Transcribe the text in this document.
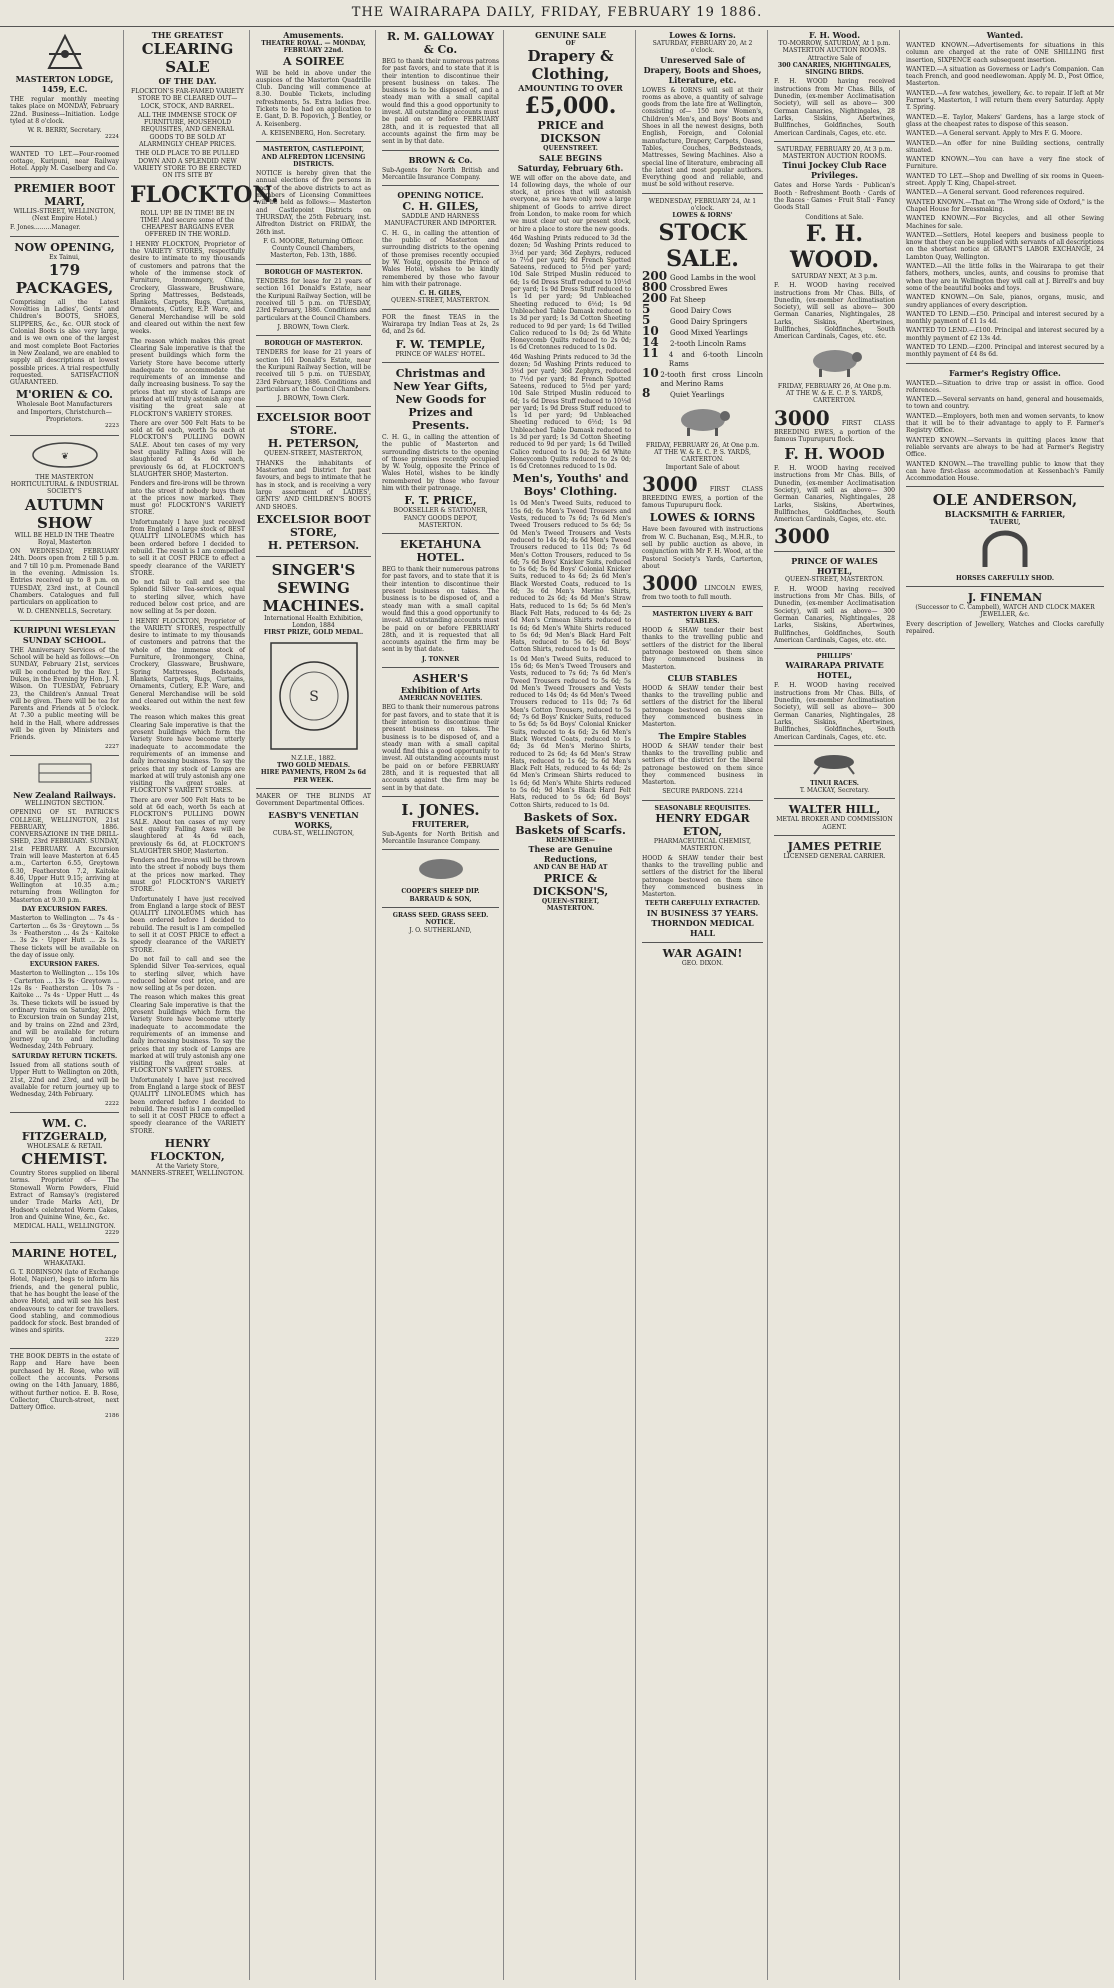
THE WAIRARAPA DAILY, FRIDAY, FEBRUARY 19 1886.
MASTERTON LODGE, 1459, E.C.
THE regular monthly meeting takes place on MONDAY, February 22nd. Business—Initiation. Lodge tyled at 8 o'clock.
W. R. BERRY, Secretary.
2224
WANTED TO LET.—Four-roomed cottage, Kuripuni, near Railway Hotel. Apply M. Caselberg and Co.
PREMIER BOOT MART,
WILLIS-STREET, WELLINGTON, (Next Empire Hotel.)
F. Jones.........Manager.
NOW OPENING,
Ex Tainui,
179 PACKAGES,
Comprising all the Latest Novelties in Ladies', Gents' and Children's BOOTS, SHOES, SLIPPERS, &c., &c. OUR stock of Colonial Boots is also very large, and is we own one of the largest and most complete Boot Factories in New Zealand, we are enabled to supply all descriptions at lowest possible prices. A trial respectfully requested. SATISFACTION GUARANTEED.
M'ORIEN & CO.
Wholesale Boot Manufacturers and Importers, Christchurch—Proprietors.
2223
❦
THE MASTERTON HORTICULTURAL & INDUSTRIAL SOCIETY'S
AUTUMN SHOW
WILL BE HELD IN THE Theatre Royal, Masterton
ON WEDNESDAY, FEBRUARY 24th. Doors open from 2 till 5 p.m. and 7 till 10 p.m. Promenade Band in the evening. Admission 1s. Entries received up to 8 p.m. on TUESDAY, 23rd inst., at Council Chambers. Catalogues and full particulars on application to
W. D. CHENNELLS, Secretary.
KURIPUNI WESLEYAN SUNDAY SCHOOL.
THE Anniversary Services of the School will be held as follows:—On SUNDAY, February 21st, services will be conducted by the Rev. J. Dukes, in the Evening by Hon. J. N. Wilson. On TUESDAY, February 23, the Children's Annual Treat will be given. There will be tea for Parents and Friends at 5 o'clock. At 7.30 a public meeting will be held in the Hall, where addresses will be given by Ministers and Friends.
2227
New Zealand Railways.
WELLINGTON SECTION.
OPENING OF ST. PATRICK'S COLLEGE, WELLINGTON, 21st FEBRUARY, 1886. CONVERSAZIONE IN THE DRILL-SHED, 23rd FEBRUARY. SUNDAY, 21st FEBRUARY. A Excursion Train will leave Masterton at 6.45 a.m., Carterton 6.55, Greytown 6.30, Featherston 7.2, Kaitoke 8.46, Upper Hutt 9.15; arriving at Wellington at 10.35 a.m.; returning from Wellington for Masterton at 9.30 p.m.
DAY EXCURSION FARES.
Masterton to Wellington ... 7s 4s · Carterton ... 6s 3s · Greytown ... 5s 3s · Featherston ... 4s 2s · Kaitoke ... 3s 2s · Upper Hutt ... 2s 1s. These tickets will be available on the day of issue only.
EXCURSION FARES.
Masterton to Wellington ... 15s 10s · Carterton ... 13s 9s · Greytown ... 12s 8s · Featherston ... 10s 7s · Kaitoke ... 7s 4s · Upper Hutt ... 4s 3s. These tickets will be issued by ordinary trains on Saturday, 20th, to Excursion train on Sunday 21st, and by trains on 22nd and 23rd, and will be available for return journey up to and including Wednesday, 24th February.
SATURDAY RETURN TICKETS.
Issued from all stations south of Upper Hutt to Wellington on 20th, 21st, 22nd and 23rd, and will be available for return journey up to Wednesday, 24th February.
2222
WM. C. FITZGERALD,
WHOLESALE & RETAIL
CHEMIST.
Country Stores supplied on liberal terms. Proprietor of— The Stonewall Worm Powders, Fluid Extract of Ramsay's (registered under Trade Marks Act), Dr Hudson's celebrated Worm Cakes, Iron and Quinine Wine, &c., &c.
MEDICAL HALL, WELLINGTON.
2229
MARINE HOTEL,
WHAKATAKI.
G. T. ROBINSON (late of Exchange Hotel, Napier), begs to inform his friends, and the general public, that he has bought the lease of the above Hotel, and will see his best endeavours to cater for travellers. Good stabling, and commodious paddock for stock. Best branded of wines and spirits.
2229
THE BOOK DEBTS in the estate of Rapp and Hare have been purchased by H. Rose, who will collect the accounts. Persons owing on the 14th January, 1886, without further notice. E. B. Rose, Collector, Church-street, next Dattery Office.
2186
THE GREATEST
CLEARING SALE
OF THE DAY.
FLOCKTON'S FAR-FAMED VARIETY STORE TO BE CLEARED OUT—LOCK, STOCK, AND BARREL.
ALL THE IMMENSE STOCK OF FURNITURE, HOUSEHOLD REQUISITES, AND GENERAL GOODS TO BE SOLD AT ALARMINGLY CHEAP PRICES.
THE OLD PLACE TO BE PULLED DOWN AND A SPLENDID NEW VARIETY STORE TO BE ERECTED ON ITS SITE BY
FLOCKTON.
ROLL UP! BE IN TIME! BE IN TIME! And secure some of the CHEAPEST BARGAINS EVER OFFERED IN THE WORLD.
I HENRY FLOCKTON, Proprietor of the VARIETY STORES, respectfully desire to intimate to my thousands of customers and patrons that the whole of the immense stock of Furniture, Ironmongery, China, Crockery, Glassware, Brushware, Spring Mattresses, Bedsteads, Blankets, Carpets, Rugs, Curtains, Ornaments, Cutlery, E.P. Ware, and General Merchandise will be sold and cleared out within the next few weeks.
The reason which makes this great Clearing Sale imperative is that the present buildings which form the Variety Store have become utterly inadequate to accommodate the requirements of an immense and daily increasing business. To say the prices that my stock of Lamps are marked at will truly astonish any one visiting the great sale at FLOCKTON'S VARIETY STORES.
There are over 500 Felt Hats to be sold at 6d each, worth 5s each at FLOCKTON'S PULLING DOWN SALE. About ten cases of my very best quality Falling Axes will be slaughtered at 4s 6d each, previously 6s 6d, at FLOCKTON'S SLAUGHTER SHOP, Masterton.
Fenders and fire-irons will be thrown into the street if nobody buys them at the prices now marked. They must go! FLOCKTON'S VARIETY STORE.
Unfortunately I have just received from England a large stock of BEST QUALITY LINOLEUMS which has been ordered before I decided to rebuild. The result is I am compelled to sell it at COST PRICE to effect a speedy clearance of the VARIETY STORE.
Do not fail to call and see the Splendid Silver Tea-services, equal to sterling silver, which have reduced below cost price, and are now selling at 5s per dozen.
I HENRY FLOCKTON, Proprietor of the VARIETY STORES, respectfully desire to intimate to my thousands of customers and patrons that the whole of the immense stock of Furniture, Ironmongery, China, Crockery, Glassware, Brushware, Spring Mattresses, Bedsteads, Blankets, Carpets, Rugs, Curtains, Ornaments, Cutlery, E.P. Ware, and General Merchandise will be sold and cleared out within the next few weeks.
The reason which makes this great Clearing Sale imperative is that the present buildings which form the Variety Store have become utterly inadequate to accommodate the requirements of an immense and daily increasing business. To say the prices that my stock of Lamps are marked at will truly astonish any one visiting the great sale at FLOCKTON'S VARIETY STORES.
There are over 500 Felt Hats to be sold at 6d each, worth 5s each at FLOCKTON'S PULLING DOWN SALE. About ten cases of my very best quality Falling Axes will be slaughtered at 4s 6d each, previously 6s 6d, at FLOCKTON'S SLAUGHTER SHOP, Masterton.
Fenders and fire-irons will be thrown into the street if nobody buys them at the prices now marked. They must go! FLOCKTON'S VARIETY STORE.
Unfortunately I have just received from England a large stock of BEST QUALITY LINOLEUMS which has been ordered before I decided to rebuild. The result is I am compelled to sell it at COST PRICE to effect a speedy clearance of the VARIETY STORE.
Do not fail to call and see the Splendid Silver Tea-services, equal to sterling silver, which have reduced below cost price, and are now selling at 5s per dozen.
The reason which makes this great Clearing Sale imperative is that the present buildings which form the Variety Store have become utterly inadequate to accommodate the requirements of an immense and daily increasing business. To say the prices that my stock of Lamps are marked at will truly astonish any one visiting the great sale at FLOCKTON'S VARIETY STORES.
Unfortunately I have just received from England a large stock of BEST QUALITY LINOLEUMS which has been ordered before I decided to rebuild. The result is I am compelled to sell it at COST PRICE to effect a speedy clearance of the VARIETY STORE.
HENRY FLOCKTON,
At the Variety Store,
MANNERS-STREET, WELLINGTON.
Amusements.
THEATRE ROYAL. — MONDAY, FEBRUARY 22nd.
A SOIREE
Will be held in above under the auspices of the Masterton Quadrille Club. Dancing will commence at 8.30. Double Tickets, including refreshments, 5s. Extra ladies free. Tickets to be had on application to E. Gant, D. B. Popovich, J. Bentley, or A. Keisenberg.
A. KEISENBERG, Hon. Secretary.
MASTERTON, CASTLEPOINT, AND ALFREDTON LICENSING DISTRICTS.
NOTICE is hereby given that the annual elections of five persons in each of the above districts to act as members of Licensing Committees will be held as follows:— Masterton and Castlepoint Districts on THURSDAY, the 25th February, inst. Alfredton District on FRIDAY, the 26th inst.
F. G. MOORE, Returning Officer.
County Council Chambers, Masterton, Feb. 13th, 1886.
BOROUGH OF MASTERTON.
TENDERS for lease for 21 years of section 161 Donald's Estate, near the Kuripuni Railway Section, will be received till 5 p.m. on TUESDAY, 23rd February, 1886. Conditions and particulars at the Council Chambers.
J. BROWN, Town Clerk.
BOROUGH OF MASTERTON.
TENDERS for lease for 21 years of section 161 Donald's Estate, near the Kuripuni Railway Section, will be received till 5 p.m. on TUESDAY, 23rd February, 1886. Conditions and particulars at the Council Chambers.
J. BROWN, Town Clerk.
EXCELSIOR BOOT STORE.
H. PETERSON,
QUEEN-STREET, MASTERTON,
THANKS the inhabitants of Masterton and District for past favours, and begs to intimate that he has in stock, and is receiving a very large assortment of LADIES', GENTS' AND CHILDREN'S BOOTS AND SHOES.
EXCELSIOR BOOT STORE,
H. PETERSON.
SINGER'S
SEWING
MACHINES.
International Health Exhibition, London, 1884
FIRST PRIZE, GOLD MEDAL.
S
N.Z.I.E., 1882.
TWO GOLD MEDALS.
HIRE PAYMENTS, FROM 2s 6d PER WEEK.
MAKER OF THE BLINDS AT Government Departmental Offices.
EASBY'S VENETIAN WORKS,
CUBA-ST., WELLINGTON,
R. M. GALLOWAY & Co.
BEG to thank their numerous patrons for past favors, and to state that it is their intention to discontinue their present business on takes. The business is to be disposed of, and a steady man with a small capital would find this a good opportunity to invest. All outstanding accounts must be paid on or before FEBRUARY 28th, and it is requested that all accounts against the firm may be sent in by that date.
BROWN & Co.
Sub-Agents for North British and Mercantile Insurance Company.
OPENING NOTICE.
C. H. GILES,
SADDLE AND HARNESS MANUFACTURER AND IMPORTER.
C. H. G., in calling the attention of the public of Masterton and surrounding districts to the opening of those premises recently occupied by W. Youlg, opposite the Prince of Wales Hotel, wishes to be kindly remembered by those who favour him with their patronage.
C. H. GILES,
QUEEN-STREET, MASTERTON.
FOR the finest TEAS in the Wairarapa try Indian Teas at 2s, 2s 6d, and 2s 6d.
F. W. TEMPLE,
PRINCE OF WALES' HOTEL.
Christmas and New Year Gifts,
New Goods for Prizes and Presents.
C. H. G., in calling the attention of the public of Masterton and surrounding districts to the opening of those premises recently occupied by W. Youlg, opposite the Prince of Wales Hotel, wishes to be kindly remembered by those who favour him with their patronage.
F. T. PRICE,
BOOKSELLER & STATIONER, FANCY GOODS DEPOT, MASTERTON.
EKETAHUNA HOTEL.
BEG to thank their numerous patrons for past favors, and to state that it is their intention to discontinue their present business on takes. The business is to be disposed of, and a steady man with a small capital would find this a good opportunity to invest. All outstanding accounts must be paid on or before FEBRUARY 28th, and it is requested that all accounts against the firm may be sent in by that date.
J. TONNER
ASHER'S
Exhibition of Arts
AMERICAN NOVELTIES.
BEG to thank their numerous patrons for past favors, and to state that it is their intention to discontinue their present business on takes. The business is to be disposed of, and a steady man with a small capital would find this a good opportunity to invest. All outstanding accounts must be paid on or before FEBRUARY 28th, and it is requested that all accounts against the firm may be sent in by that date.
I. JONES.
FRUITERER,
Sub-Agents for North British and Mercantile Insurance Company.
COOPER'S SHEEP DIP.
BARRAUD & SON,
GRASS SEED. GRASS SEED.
NOTICE.
J. O. SUTHERLAND,
GENUINE SALE
OF
Drapery & Clothing,
AMOUNTING TO OVER
£5,000.
PRICE and DICKSON
QUEENSTREET.
SALE BEGINS
Saturday, February 6th.
WE will offer on the above date, and 14 following days, the whole of our stock, at prices that will astonish everyone, as we have only now a large shipment of Goods to arrive direct from London, to make room for which we must clear out our present stock, or hire a place to store the new goods.
46d Washing Prints reduced to 3d the dozen; 5d Washing Prints reduced to 3½d per yard; 36d Zephyrs, reduced to 7½d per yard; 8d French Spotted Sateens, reduced to 5½d per yard; 10d Sale Striped Muslin reduced to 6d; 1s 6d Dress Stuff reduced to 10½d per yard; 1s 9d Dress Stuff reduced to 1s 1d per yard; 9d Unbleached Sheeting reduced to 6½d; 1s 9d Unbleached Table Damask reduced to 1s 3d per yard; 1s 3d Cotton Sheeting reduced to 9d per yard; 1s 6d Twilled Calico reduced to 1s 0d; 2s 6d White Honeycomb Quilts reduced to 2s 0d; 1s 6d Cretonnes reduced to 1s 0d.
46d Washing Prints reduced to 3d the dozen; 5d Washing Prints reduced to 3½d per yard; 36d Zephyrs, reduced to 7½d per yard; 8d French Spotted Sateens, reduced to 5½d per yard; 10d Sale Striped Muslin reduced to 6d; 1s 6d Dress Stuff reduced to 10½d per yard; 1s 9d Dress Stuff reduced to 1s 1d per yard; 9d Unbleached Sheeting reduced to 6½d; 1s 9d Unbleached Table Damask reduced to 1s 3d per yard; 1s 3d Cotton Sheeting reduced to 9d per yard; 1s 6d Twilled Calico reduced to 1s 0d; 2s 6d White Honeycomb Quilts reduced to 2s 0d; 1s 6d Cretonnes reduced to 1s 0d.
Men's, Youths' and Boys' Clothing.
1s 0d Men's Tweed Suits, reduced to 15s 6d; 6s Men's Tweed Trousers and Vests, reduced to 7s 6d; 7s 6d Men's Tweed Trousers reduced to 5s 6d; 5s 0d Men's Tweed Trousers and Vests reduced to 14s 0d; 4s 6d Men's Tweed Trousers reduced to 11s 0d; 7s 6d Men's Cotton Trousers, reduced to 5s 6d; 7s 6d Boys' Knicker Suits, reduced to 5s 6d; 5s 6d Boys' Colonial Knicker Suits, reduced to 4s 6d; 2s 6d Men's Black Worsted Coats, reduced to 1s 6d; 3s 6d Men's Merino Shirts, reduced to 2s 6d; 4s 6d Men's Straw Hats, reduced to 1s 6d; 5s 6d Men's Black Felt Hats, reduced to 4s 6d; 2s 6d Men's Crimean Shirts reduced to 1s 6d; 6d Men's White Shirts reduced to 5s 6d; 9d Men's Black Hard Felt Hats, reduced to 5s 6d; 6d Boys' Cotton Shirts, reduced to 1s 0d.
1s 0d Men's Tweed Suits, reduced to 15s 6d; 6s Men's Tweed Trousers and Vests, reduced to 7s 6d; 7s 6d Men's Tweed Trousers reduced to 5s 6d; 5s 0d Men's Tweed Trousers and Vests reduced to 14s 0d; 4s 6d Men's Tweed Trousers reduced to 11s 0d; 7s 6d Men's Cotton Trousers, reduced to 5s 6d; 7s 6d Boys' Knicker Suits, reduced to 5s 6d; 5s 6d Boys' Colonial Knicker Suits, reduced to 4s 6d; 2s 6d Men's Black Worsted Coats, reduced to 1s 6d; 3s 6d Men's Merino Shirts, reduced to 2s 6d; 4s 6d Men's Straw Hats, reduced to 1s 6d; 5s 6d Men's Black Felt Hats, reduced to 4s 6d; 2s 6d Men's Crimean Shirts reduced to 1s 6d; 6d Men's White Shirts reduced to 5s 6d; 9d Men's Black Hard Felt Hats, reduced to 5s 6d; 6d Boys' Cotton Shirts, reduced to 1s 0d.
Baskets of Sox.
Baskets of Scarfs.
REMEMBER—
These are Genuine Reductions,
AND CAN BE HAD AT
PRICE & DICKSON'S,
QUEEN-STREET,
MASTERTON.
Lowes & Iorns.
SATURDAY, FEBRUARY 20, At 2 o'clock.
Unreserved Sale of Drapery, Boots and Shoes, Literature, etc.
LOWES & IORNS will sell at their rooms as above, a quantity of salvage goods from the late fire at Wellington, consisting of— 150 new Women's, Children's Men's, and Boys' Boots and Shoes in all the newest designs, both English, Foreign, and Colonial manufacture, Drapery, Carpets, Oases, Tables, Couches, Bedsteads, Mattresses, Sewing Machines. Also a special line of literature, embracing all the latest and most popular authors. Everything good and reliable, and must be sold without reserve.
WEDNESDAY, FEBRUARY 24, At 1 o'clock.
LOWES & IORNS'
STOCK SALE.
200 Good Lambs in the wool
800 Crossbred Ewes
200 Fat Sheep
5	Good Dairy Cows
5	Good Dairy Springers
10	Good Mixed Yearlings
14	2-tooth Lincoln Rams
11	4 and 6-tooth Lincoln Rams
10 2-tooth first cross Lincoln and Merino Rams
8	Quiet Yearlings
FRIDAY, FEBRUARY 26, At One p.m.
AT THE W. & E. C. P. S. YARDS, CARTERTON.
Important Sale of about
3000 FIRST CLASS BREEDING EWES, a portion of the famous Tupurupuru flock.
LOWES & IORNS
Have been favoured with instructions from W. C. Buchanan, Esq., M.H.R., to sell by public auction as above, in conjunction with Mr F. H. Wood, at the Pastoral Society's Yards, Carterton, about
3000 LINCOLN EWES, from two tooth to full mouth.
MASTERTON LIVERY & BAIT STABLES.
HOOD & SHAW tender their best thanks to the travelling public and settlers of the district for the liberal patronage bestowed on them since they commenced business in Masterton.
CLUB STABLES
HOOD & SHAW tender their best thanks to the travelling public and settlers of the district for the liberal patronage bestowed on them since they commenced business in Masterton.
The Empire Stables
HOOD & SHAW tender their best thanks to the travelling public and settlers of the district for the liberal patronage bestowed on them since they commenced business in Masterton.
SECURE PARDONS. 2214
SEASONABLE REQUISITES.
HENRY EDGAR ETON,
PHARMACEUTICAL CHEMIST, MASTERTON.
HOOD & SHAW tender their best thanks to the travelling public and settlers of the district for the liberal patronage bestowed on them since they commenced business in Masterton.
TEETH CAREFULLY EXTRACTED.
IN BUSINESS 37 YEARS.
THORNDON MEDICAL HALL
WAR AGAIN!
GEO. DIXON.
F. H. Wood.
TO-MORROW, SATURDAY, At 1 p.m.
MASTERTON AUCTION ROOMS.
Attractive Sale of
300 CANARIES, NIGHTINGALES, SINGING BIRDS.
F. H. WOOD having received instructions from Mr Chas. Bills, of Dunedin, (ex-member Acclimatisation Society), will sell as above— 300 German Canaries, Nightingales, 28 Larks, Siskins, Abertwines, Bullfinches, Goldfinches, South American Cardinals, Cages, etc. etc.
SATURDAY, FEBRUARY 20, At 3 p.m.
MASTERTON AUCTION ROOMS.
Tinui Jockey Club Race Privileges.
Gates and Horse Yards · Publican's Booth · Refreshment Booth · Cards of the Races · Games · Fruit Stall · Fancy Goods Stall
Conditions at Sale.
F. H. WOOD.
SATURDAY NEXT, At 3 p.m.
F. H. WOOD having received instructions from Mr Chas. Bills, of Dunedin, (ex-member Acclimatisation Society), will sell as above— 300 German Canaries, Nightingales, 28 Larks, Siskins, Abertwines, Bullfinches, Goldfinches, South American Cardinals, Cages, etc. etc.
FRIDAY, FEBRUARY 26, At One p.m.
AT THE W. & E. C. P. S. YARDS, CARTERTON.
3000 FIRST CLASS BREEDING EWES, a portion of the famous Tupurupuru flock.
F. H. WOOD
F. H. WOOD having received instructions from Mr Chas. Bills, of Dunedin, (ex-member Acclimatisation Society), will sell as above— 300 German Canaries, Nightingales, 28 Larks, Siskins, Abertwines, Bullfinches, Goldfinches, South American Cardinals, Cages, etc. etc.
3000
PRINCE OF WALES HOTEL,
QUEEN-STREET, MASTERTON.
F. H. WOOD having received instructions from Mr Chas. Bills, of Dunedin, (ex-member Acclimatisation Society), will sell as above— 300 German Canaries, Nightingales, 28 Larks, Siskins, Abertwines, Bullfinches, Goldfinches, South American Cardinals, Cages, etc. etc.
PHILLIPS'
WAIRARAPA PRIVATE HOTEL,
F. H. WOOD having received instructions from Mr Chas. Bills, of Dunedin, (ex-member Acclimatisation Society), will sell as above— 300 German Canaries, Nightingales, 28 Larks, Siskins, Abertwines, Bullfinches, Goldfinches, South American Cardinals, Cages, etc. etc.
TINUI RACES.
T. MACKAY, Secretary.
WALTER HILL,
METAL BROKER AND COMMISSION AGENT.
JAMES PETRIE
LICENSED GENERAL CARRIER.
Wanted.
WANTED KNOWN.—Advertisements for situations in this column are charged at the rate of ONE SHILLING first insertion, SIXPENCE each subsequent insertion.
WANTED.—A situation as Governess or Lady's Companion. Can teach French, and good needlewoman. Apply M. D., Post Office, Masterton.
WANTED.—A few watches, jewellery, &c. to repair. If left at Mr Farmer's, Masterton, I will return them every Saturday. Apply T. Spring.
WANTED.—E. Taylor, Makers' Gardens, has a large stock of glass at the cheapest rates to dispose of this season.
WANTED.—A General servant. Apply to Mrs F. G. Moore.
WANTED.—An offer for nine Building sections, centrally situated.
WANTED KNOWN.—You can have a very fine stock of Furniture.
WANTED TO LET.—Shop and Dwelling of six rooms in Queen-street. Apply T. King, Chapel-street.
WANTED.—A General servant. Good references required.
WANTED KNOWN.—That on "The Wrong side of Oxford," is the Chapel House for Dressmaking.
WANTED KNOWN.—For Bicycles, and all other Sewing Machines for sale.
WANTED.—Settlers, Hotel keepers and business people to know that they can be supplied with servants of all descriptions on the shortest notice at GRANT'S LABOR EXCHANGE, 24 Lambton Quay, Wellington.
WANTED.—All the little folks in the Wairarapa to get their fathers, mothers, uncles, aunts, and cousins to promise that when they are in Wellington they will call at J. Birrell's and buy some of the beautiful books and toys.
WANTED KNOWN.—On Sale, pianos, organs, music, and sundry appliances of every description.
WANTED TO LEND.—£50. Principal and interest secured by a monthly payment of £1 1s 4d.
WANTED TO LEND.—£100. Principal and interest secured by a monthly payment of £2 13s 4d.
WANTED TO LEND.—£200. Principal and interest secured by a monthly payment of £4 8s 6d.
Farmer's Registry Office.
WANTED.—Situation to drive trap or assist in office. Good references.
WANTED.—Several servants on hand, general and housemaids, to town and country.
WANTED.—Employers, both men and women servants, to know that it will be to their advantage to apply to F. Farmer's Registry Office.
WANTED KNOWN.—Servants in quitting places know that reliable servants are always to be had at Farmer's Registry Office.
WANTED KNOWN.—The travelling public to know that they can have first-class accommodation at Kessenbach's Family Accommodation House.
OLE ANDERSON,
BLACKSMITH & FARRIER,
TAUERU,
HORSES CAREFULLY SHOD.
J. FINEMAN
(Successor to C. Campbell), WATCH AND CLOCK MAKER JEWELLER, &c.
Every description of Jewellery, Watches and Clocks carefully repaired.
